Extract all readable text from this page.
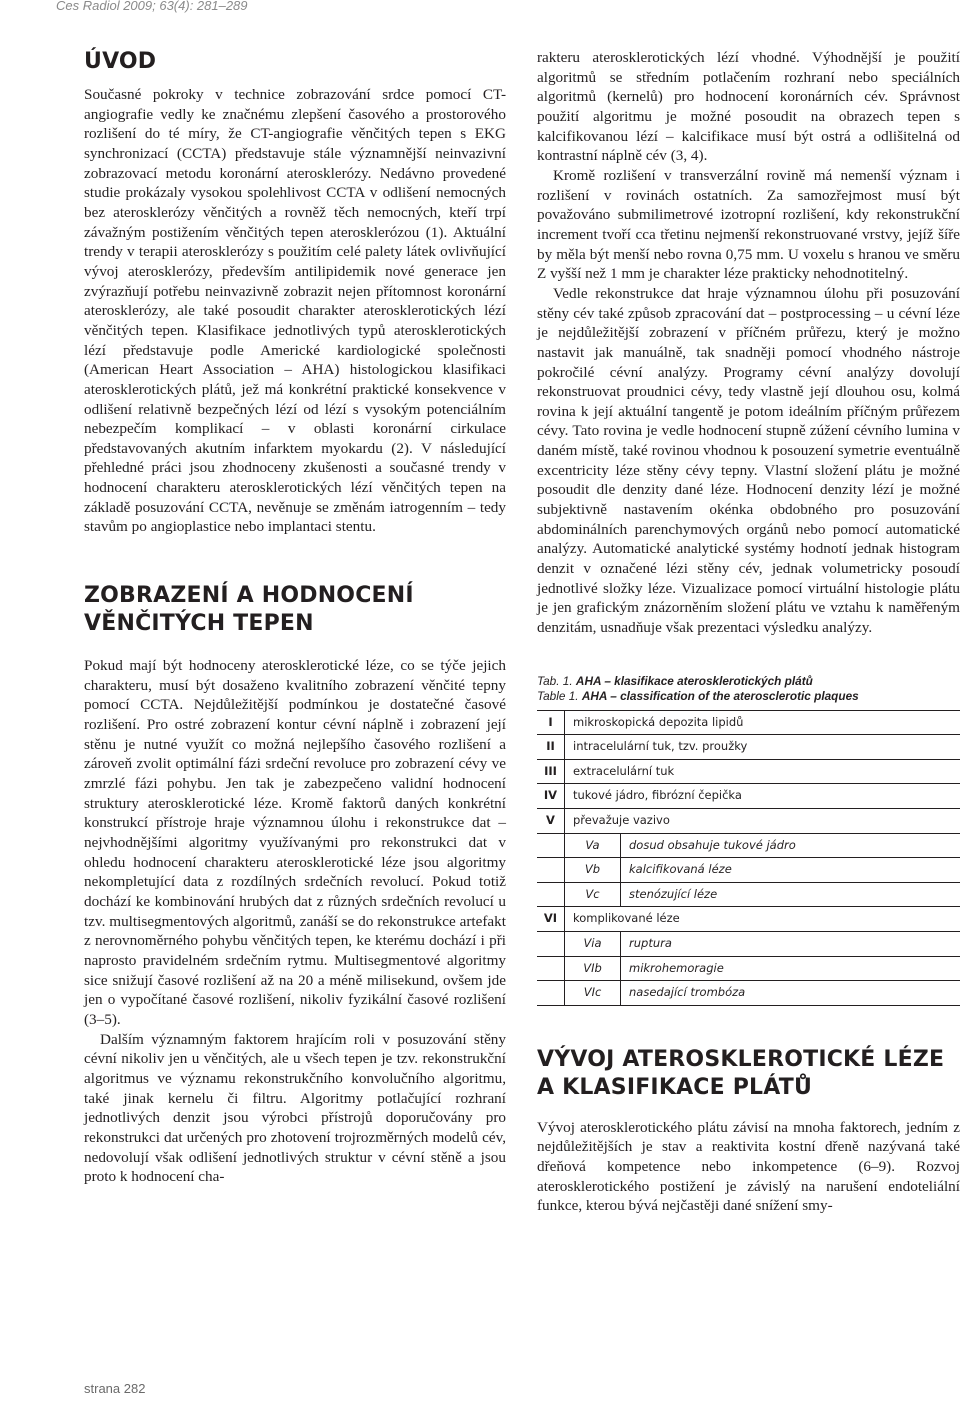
Ces Radiol 2009; 63(4): 281–289
ÚVOD

Současné pokroky v technice zobrazování srdce pomocí CT-angiografie vedly ke značnému zlepšení časového a prostorového rozlišení do té míry, že CT-angiografie věnčitých tepen s EKG synchronizací (CCTA) představuje stále významnější neinvazivní zobrazovací metodu koronární aterosklerózy. Nedávno provedené studie prokázaly vysokou spolehlivost CCTA v odlišení nemocných bez aterosklerózy věnčitých a rovněž těch nemocných, kteří trpí závažným postižením věnčitých tepen aterosklerózou (1). Aktuální trendy v terapii aterosklerózy s použitím celé palety látek ovlivňující vývoj aterosklerózy, především antilipidemik nové generace jen zvýrazňují potřebu neinvazivně zobrazit nejen přítomnost koronární aterosklerózy, ale také posoudit charakter aterosklerotických lézí věnčitých tepen. Klasifikace jednotlivých typů aterosklerotických lézí představuje podle Americké kardiologické společnosti (American Heart Association – AHA) histologickou klasifikaci aterosklerotických plátů, jež má konkrétní praktické konsekvence v odlišení relativně bezpečných lézí od lézí s vysokým potenciálním nebezpečím komplikací – v oblasti koronární cirkulace představovaných akutním infarktem myokardu (2). V následující přehledné práci jsou zhodnoceny zkušenosti a současné trendy v hodnocení charakteru aterosklerotických lézí věnčitých tepen na základě posuzování CCTA, nevěnuje se změnám iatrogenním – tedy stavům po angioplastice nebo implantaci stentu.

ZOBRAZENÍ A HODNOCENÍ VĚNČITÝCH TEPEN

Pokud mají být hodnoceny aterosklerotické léze, co se týče jejich charakteru, musí být dosaženo kvalitního zobrazení věnčité tepny pomocí CCTA. Nejdůležitější podmínkou je dostatečné časové rozlišení. Pro ostré zobrazení kontur cévní náplně i zobrazení její stěnu je nutné využít co možná nejlepšího časového rozlišení a zároveň zvolit optimální fázi srdeční revoluce pro zobrazení cévy ve zmrzlé fázi pohybu. Jen tak je zabezpečeno validní hodnocení struktury aterosklerotické léze. Kromě faktorů daných konkrétní konstrukcí přístroje hraje významnou úlohu i rekonstrukce dat – nejvhodnějšími algoritmy využívanými pro rekonstrukci dat v ohledu hodnocení charakteru aterosklerotické léze jsou algoritmy nekompletující data z rozdílných srdečních revolucí. Pokud totiž dochází ke kombinování hrubých dat z různých srdečních revolucí u tzv. multisegmentových algoritmů, zanáší se do rekonstrukce artefakt z nerovnoměrného pohybu věnčitých tepen, ke kterému dochází i při naprosto pravidelném srdečním rytmu. Multisegmentové algoritmy sice snižují časové rozlišení až na 20 a méně milisekund, ovšem jde jen o vypočítané časové rozlišení, nikoliv fyzikální časové rozlišení (3–5).

Dalším významným faktorem hrajícím roli v posuzování stěny cévní nikoliv jen u věnčitých, ale u všech tepen je tzv. rekonstrukční algoritmus ve významu rekonstrukčního konvolučního algoritmu, také jinak kernelu či filtru. Algoritmy potlačující rozhraní jednotlivých denzit jsou výrobci přístrojů doporučovány pro rekonstrukci dat určených pro zhotovení trojrozměrných modelů cév, nedovolují však odlišení jednotlivých struktur v cévní stěně a jsou proto k hodnocení cha-

rakteru aterosklerotických lézí vhodné. Výhodnější je použití algoritmů se středním potlačením rozhraní nebo speciálních algoritmů (kernelů) pro hodnocení koronárních cév. Správnost použití algoritmu je možné posoudit na obrazech tepen s kalcifikovanou lézí – kalcifikace musí být ostrá a odlišitelná od kontrastní náplně cév (3, 4).

Kromě rozlišení v transverzální rovině má nemenší význam i rozlišení v rovinách ostatních. Za samozřejmost musí být považováno submilimetrové izotropní rozlišení, kdy rekonstrukční increment tvoří cca třetinu nejmenší rekonstruované vrstvy, jejíž šíře by měla být menší nebo rovna 0,75 mm. U voxelu s hranou ve směru Z vyšší než 1 mm je charakter léze prakticky nehodnotitelný.

Vedle rekonstrukce dat hraje významnou úlohu při posuzování stěny cév také způsob zpracování dat – postprocessing – u cévní léze je nejdůležitější zobrazení v příčném průřezu, který je možno nastavit jak manuálně, tak snadněji pomocí vhodného nástroje pokročilé cévní analýzy. Programy cévní analýzy dovolují rekonstruovat proudnici cévy, tedy vlastně její dlouhou osu, kolmá rovina k její aktuální tangentě je potom ideálním příčným průřezem cévy. Tato rovina je vedle hodnocení stupně zúžení cévního lumina v daném místě, také rovinou vhodnou k posouzení symetrie eventuálně excentricity léze stěny cévy tepny. Vlastní složení plátu je možné posoudit dle denzity dané léze. Hodnocení denzity lézí je možné subjektivně nastavením okénka obdobného pro posuzování abdominálních parenchymových orgánů nebo pomocí automatické analýzy. Automatické analytické systémy hodnotí jednak histogram denzit v označené lézi stěny cév, jednak volumetricky posoudí jednotlivé složky léze. Vizualizace pomocí virtuální histologie plátu je jen grafickým znázorněním složení plátu ve vztahu k naměřeným denzitám, usnadňuje však prezentaci výsledku analýzy.

Tab. 1. AHA – klasifikace aterosklerotických plátů
Table 1. AHA – classification of the aterosclerotic plaques
I	mikroskopická depozita lipidů	
II	intracelulární tuk, tzv. proužky	
III	extracelulární tuk	
IV	tukové jádro, fibrózní čepička	
V	převažuje vazivo	
	Va	dosud obsahuje tukové jádro
	Vb	kalcifikovaná léze
	Vc	stenózující léze
VI	komplikované léze	
	Via	ruptura
	VIb	mikrohemoragie
	VIc	nasedající trombóza
VÝVOJ ATEROSKLEROTICKÉ LÉZE A KLASIFIKACE PLÁTŮ

Vývoj aterosklerotického plátu závisí na mnoha faktorech, jedním z nejdůležitějších je stav a reaktivita kostní dřeně nazývaná také dřeňová kompetence nebo inkompetence (6–9). Rozvoj aterosklerotického postižení je závislý na narušení endoteliální funkce, kterou bývá nejčastěji dané snížení smy-

strana 282
